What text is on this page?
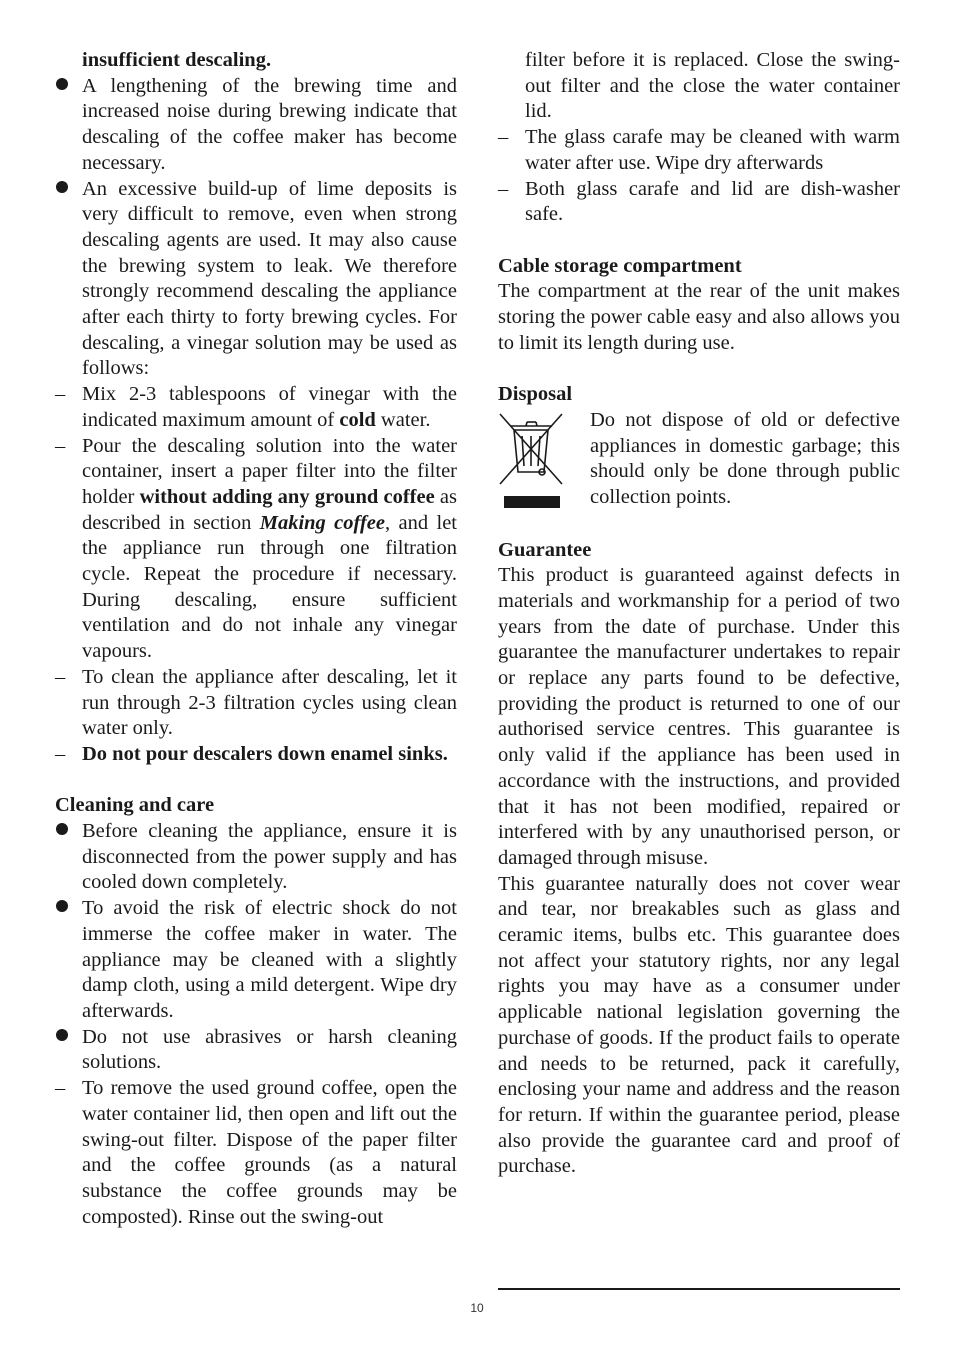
insufficient descaling.

A lengthening of the brewing time and increased noise during brewing indicate that descaling of the coffee maker has become necessary.
An excessive build-up of lime deposits is very difficult to remove, even when strong descaling agents are used. It may also cause the brewing system to leak. We therefore strongly recommend descaling the appliance after each thirty to forty brewing cycles. For descaling, a vinegar solution may be used as follows:
– Mix 2-3 tablespoons of vinegar with the indicated maximum amount of cold water.
– Pour the descaling solution into the water container, insert a paper filter into the filter holder without adding any ground coffee as described in section Making coffee, and let the appliance run through one filtration cycle. Repeat the procedure if necessary. During descaling, ensure sufficient ventilation and do not inhale any vinegar vapours.
– To clean the appliance after descaling, let it run through 2-3 filtration cycles using clean water only.
– Do not pour descalers down enamel sinks.

Cleaning and care

Before cleaning the appliance, ensure it is disconnected from the power supply and has cooled down completely.
To avoid the risk of electric shock do not immerse the coffee maker in water. The appliance may be cleaned with a slightly damp cloth, using a mild detergent. Wipe dry afterwards.
Do not use abrasives or harsh cleaning solutions.
– To remove the used ground coffee, open the water container lid, then open and lift out the swing-out filter. Dispose of the paper filter and the coffee grounds (as a natural substance the coffee grounds may be composted). Rinse out the swing-out

filter before it is replaced. Close the swing-out filter and the close the water container lid.

– The glass carafe may be cleaned with warm water after use. Wipe dry afterwards
– Both glass carafe and lid are dish-washer safe.

Cable storage compartment

The compartment at the rear of the unit makes storing the power cable easy and also allows you to limit its length during use.

Disposal

Do not dispose of old or defective appliances in domestic garbage; this should only be done through public collection points.

Guarantee

This product is guaranteed against defects in materials and workmanship for a period of two years from the date of purchase. Under this guarantee the manufacturer undertakes to repair or replace any parts found to be defective, providing the product is returned to one of our authorised service centres. This guarantee is only valid if the appliance has been used in accordance with the instructions, and provided that it has not been modified, repaired or interfered with by any unauthorised person, or damaged through misuse.

This guarantee naturally does not cover wear and tear, nor breakables such as glass and ceramic items, bulbs etc. This guarantee does not affect your statutory rights, nor any legal rights you may have as a consumer under applicable national legislation governing the purchase of goods. If the product fails to operate and needs to be returned, pack it carefully, enclosing your name and address and the reason for return. If within the guarantee period, please also provide the guarantee card and proof of purchase.

10
